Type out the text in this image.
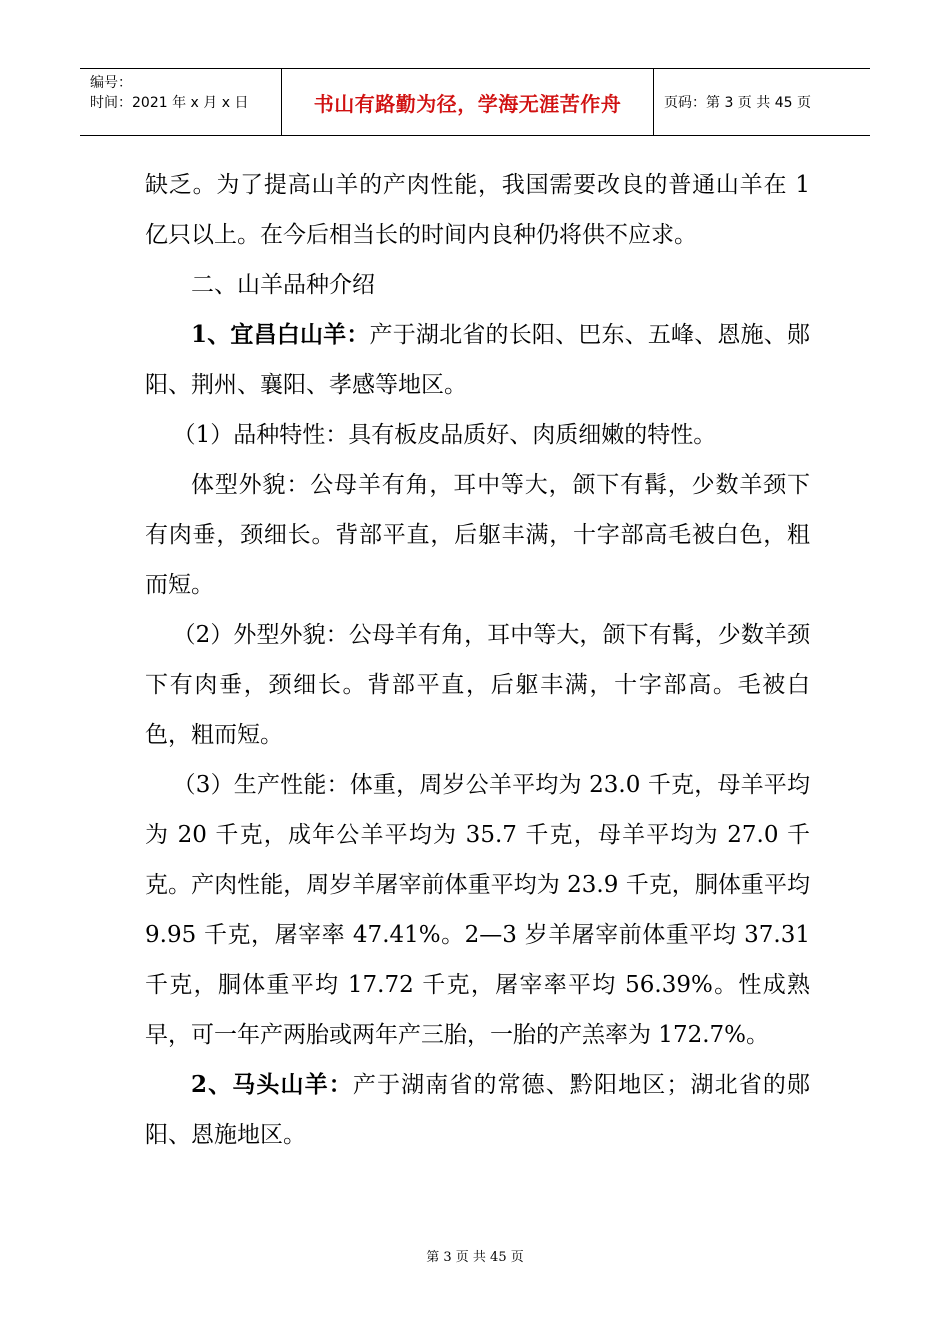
编号：
时间：2021 年 x 月 x 日	书山有路勤为径，学海无涯苦作舟	页码：第 3 页 共 45 页

缺乏。为了提高山羊的产肉性能，我国需要改良的普通山羊在 1 亿只以上。在今后相当长的时间内良种仍将供不应求。

二、山羊品种介绍

1、宜昌白山羊：产于湖北省的长阳、巴东、五峰、恩施、郧阳、荆州、襄阳、孝感等地区。

（1）品种特性：具有板皮品质好、肉质细嫩的特性。

体型外貌：公母羊有角，耳中等大，颌下有髯，少数羊颈下有肉垂，颈细长。背部平直，后躯丰满，十字部高毛被白色，粗而短。

（2）外型外貌：公母羊有角，耳中等大，颌下有髯，少数羊颈下有肉垂，颈细长。背部平直，后躯丰满，十字部高。毛被白色，粗而短。

（3）生产性能：体重，周岁公羊平均为 23.0 千克，母羊平均为 20 千克，成年公羊平均为 35.7 千克，母羊平均为 27.0 千克。产肉性能，周岁羊屠宰前体重平均为 23.9 千克，胴体重平均 9.95 千克，屠宰率 47.41%。2—3 岁羊屠宰前体重平均 37.31 千克，胴体重平均 17.72 千克，屠宰率平均 56.39%。性成熟早，可一年产两胎或两年产三胎，一胎的产羔率为 172.7%。

2、马头山羊：产于湖南省的常德、黔阳地区；湖北省的郧阳、恩施地区。

第 3 页 共 45 页
